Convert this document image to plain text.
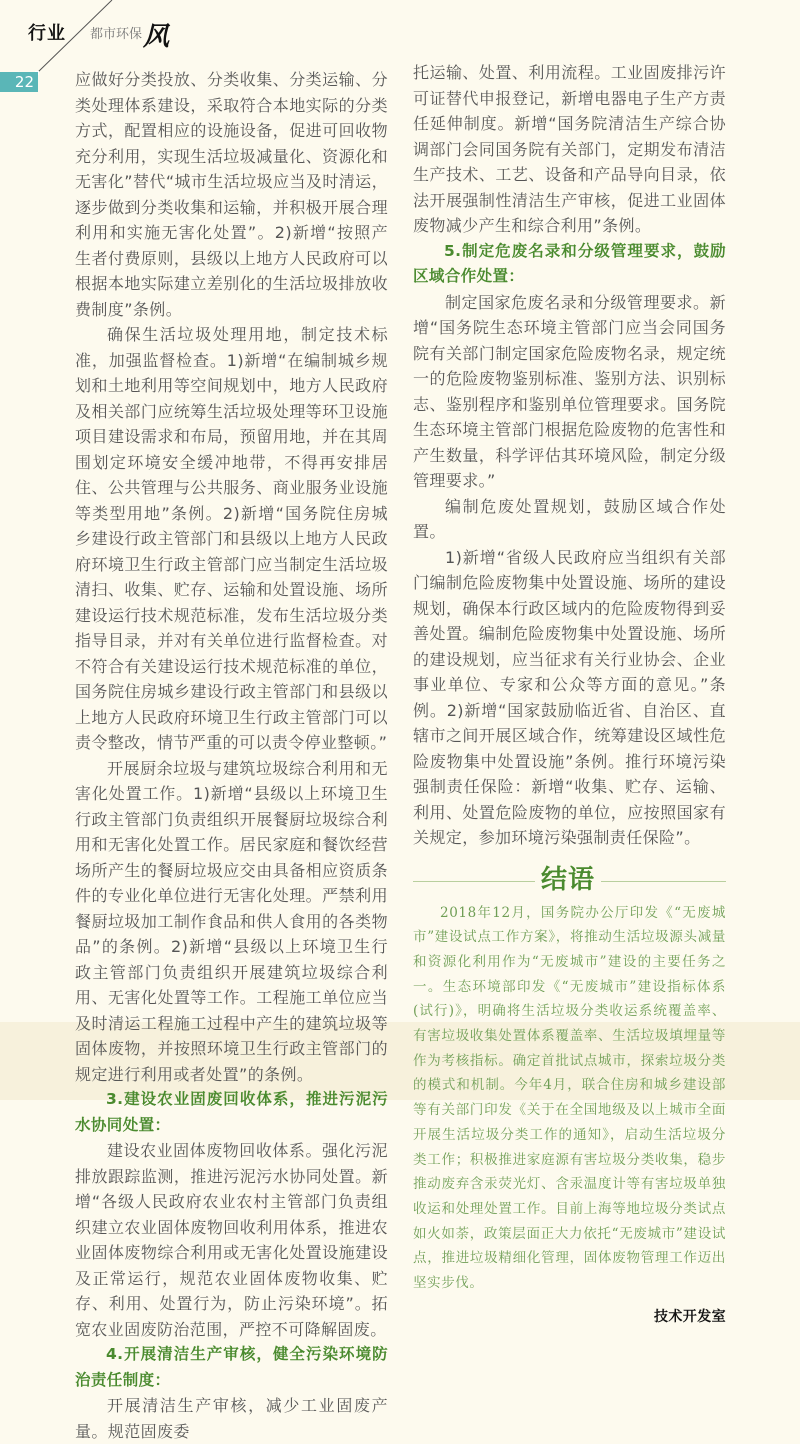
行业 都市环保 风
22	应做好分类投放、分类收集、分类运输、分类处理体系建设，采取符合本地实际的分类方式，配置相应的设施设备，促进可回收物充分利用，实现生活垃圾减量化、资源化和无害化”替代“城市生活垃圾应当及时清运，逐步做到分类收集和运输，并积极开展合理利用和实施无害化处置”。2)新增“按照产生者付费原则，县级以上地方人民政府可以根据本地实际建立差别化的生活垃圾排放收费制度”条例。

确保生活垃圾处理用地，制定技术标准，加强监督检查。1)新增“在编制城乡规划和土地利用等空间规划中，地方人民政府及相关部门应统筹生活垃圾处理等环卫设施项目建设需求和布局，预留用地，并在其周围划定环境安全缓冲地带，不得再安排居住、公共管理与公共服务、商业服务业设施等类型用地”条例。2)新增“国务院住房城乡建设行政主管部门和县级以上地方人民政府环境卫生行政主管部门应当制定生活垃圾清扫、收集、贮存、运输和处置设施、场所建设运行技术规范标准，发布生活垃圾分类指导目录，并对有关单位进行监督检查。对不符合有关建设运行技术规范标准的单位，国务院住房城乡建设行政主管部门和县级以上地方人民政府环境卫生行政主管部门可以责令整改，情节严重的可以责令停业整顿。”

开展厨余垃圾与建筑垃圾综合利用和无害化处置工作。1)新增“县级以上环境卫生行政主管部门负责组织开展餐厨垃圾综合利用和无害化处置工作。居民家庭和餐饮经营场所产生的餐厨垃圾应交由具备相应资质条件的专业化单位进行无害化处理。严禁利用餐厨垃圾加工制作食品和供人食用的各类物品”的条例。2)新增“县级以上环境卫生行政主管部门负责组织开展建筑垃圾综合利用、无害化处置等工作。工程施工单位应当及时清运工程施工过程中产生的建筑垃圾等固体废物，并按照环境卫生行政主管部门的规定进行利用或者处置”的条例。

3.建设农业固废回收体系，推进污泥污水协同处置：

建设农业固体废物回收体系。强化污泥排放跟踪监测，推进污泥污水协同处置。新增“各级人民政府农业农村主管部门负责组织建立农业固体废物回收利用体系，推进农业固体废物综合利用或无害化处置设施建设及正常运行，规范农业固体废物收集、贮存、利用、处置行为，防止污染环境”。拓宽农业固废防治范围，严控不可降解固废。

4.开展清洁生产审核，健全污染环境防治责任制度：

开展清洁生产审核，减少工业固废产量。规范固废委

托运输、处置、利用流程。工业固废排污许可证替代申报登记，新增电器电子生产方责任延伸制度。新增“国务院清洁生产综合协调部门会同国务院有关部门，定期发布清洁生产技术、工艺、设备和产品导向目录，依法开展强制性清洁生产审核，促进工业固体废物减少产生和综合利用”条例。

5.制定危废名录和分级管理要求，鼓励区域合作处置：

制定国家危废名录和分级管理要求。新增“国务院生态环境主管部门应当会同国务院有关部门制定国家危险废物名录，规定统一的危险废物鉴别标准、鉴别方法、识别标志、鉴别程序和鉴别单位管理要求。国务院生态环境主管部门根据危险废物的危害性和产生数量，科学评估其环境风险，制定分级管理要求。”

编制危废处置规划，鼓励区域合作处置。

1)新增“省级人民政府应当组织有关部门编制危险废物集中处置设施、场所的建设规划，确保本行政区域内的危险废物得到妥善处置。编制危险废物集中处置设施、场所的建设规划，应当征求有关行业协会、企业事业单位、专家和公众等方面的意见。”条例。2)新增“国家鼓励临近省、自治区、直辖市之间开展区域合作，统筹建设区域性危险废物集中处置设施”条例。推行环境污染强制责任保险：新增“收集、贮存、运输、利用、处置危险废物的单位，应按照国家有关规定，参加环境污染强制责任保险”。

结语

2018年12月，国务院办公厅印发《“无废城市”建设试点工作方案》，将推动生活垃圾源头减量和资源化利用作为“无废城市”建设的主要任务之一。生态环境部印发《“无废城市”建设指标体系(试行)》，明确将生活垃圾分类收运系统覆盖率、有害垃圾收集处置体系覆盖率、生活垃圾填埋量等作为考核指标。确定首批试点城市，探索垃圾分类的模式和机制。今年4月，联合住房和城乡建设部等有关部门印发《关于在全国地级及以上城市全面开展生活垃圾分类工作的通知》，启动生活垃圾分类工作；积极推进家庭源有害垃圾分类收集，稳步推动废弃含汞荧光灯、含汞温度计等有害垃圾单独收运和处理处置工作。目前上海等地垃圾分类试点如火如荼，政策层面正大力依托“无废城市”建设试点，推进垃圾精细化管理，固体废物管理工作迈出坚实步伐。

技术开发室
